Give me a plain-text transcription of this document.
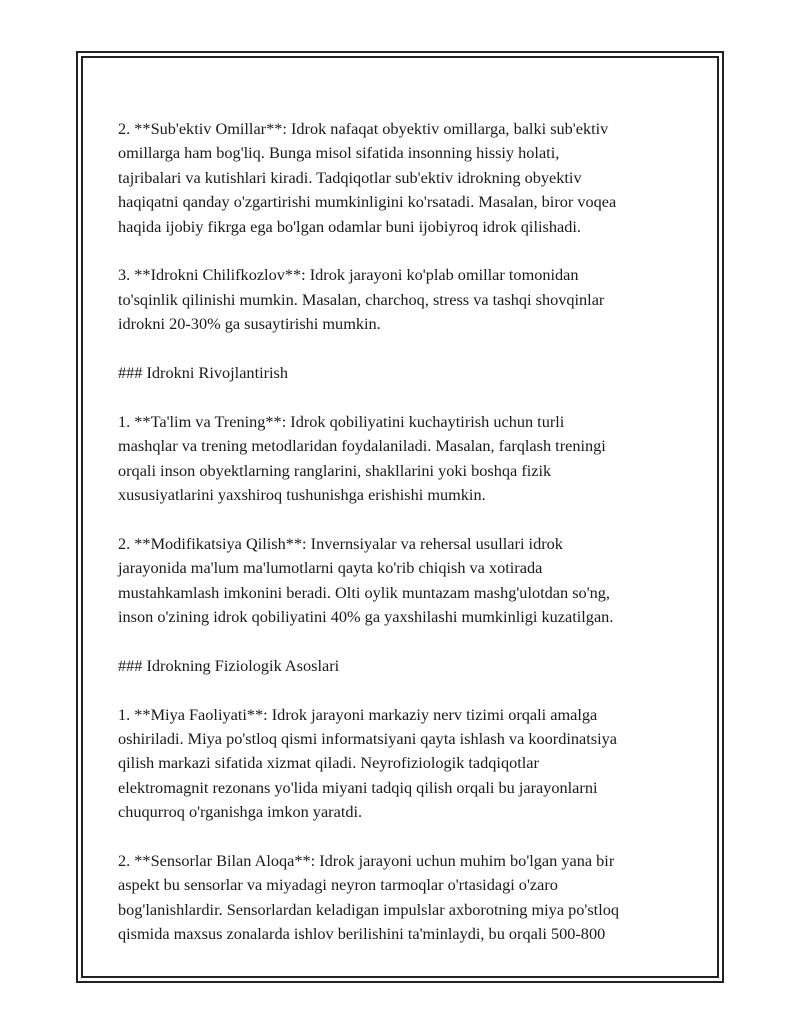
2. **Sub'ektiv Omillar**: Idrok nafaqat obyektiv omillarga, balki sub'ektiv
omillarga ham bog'liq. Bunga misol sifatida insonning hissiy holati,
tajribalari va kutishlari kiradi. Tadqiqotlar sub'ektiv idrokning obyektiv
haqiqatni qanday o'zgartirishi mumkinligini ko'rsatadi. Masalan, biror voqea
haqida ijobiy fikrga ega bo'lgan odamlar buni ijobiyroq idrok qilishadi.

3. **Idrokni Chilifkozlov**: Idrok jarayoni ko'plab omillar tomonidan
to'sqinlik qilinishi mumkin. Masalan, charchoq, stress va tashqi shovqinlar
idrokni 20-30% ga susaytirishi mumkin.

### Idrokni Rivojlantirish

1. **Ta'lim va Trening**: Idrok qobiliyatini kuchaytirish uchun turli
mashqlar va trening metodlaridan foydalaniladi. Masalan, farqlash treningi
orqali inson obyektlarning ranglarini, shakllarini yoki boshqa fizik
xususiyatlarini yaxshiroq tushunishga erishishi mumkin.

2. **Modifikatsiya Qilish**: Invernsiyalar va rehersal usullari idrok
jarayonida ma'lum ma'lumotlarni qayta ko'rib chiqish va xotirada
mustahkamlash imkonini beradi. Olti oylik muntazam mashg'ulotdan so'ng,
inson o'zining idrok qobiliyatini 40% ga yaxshilashi mumkinligi kuzatilgan.

### Idrokning Fiziologik Asoslari

1. **Miya Faoliyati**: Idrok jarayoni markaziy nerv tizimi orqali amalga
oshiriladi. Miya po'stloq qismi informatsiyani qayta ishlash va koordinatsiya
qilish markazi sifatida xizmat qiladi. Neyrofiziologik tadqiqotlar
elektromagnit rezonans yo'lida miyani tadqiq qilish orqali bu jarayonlarni
chuqurroq o'rganishga imkon yaratdi.

2. **Sensorlar Bilan Aloqa**: Idrok jarayoni uchun muhim bo'lgan yana bir
aspekt bu sensorlar va miyadagi neyron tarmoqlar o'rtasidagi o'zaro
bog'lanishlardir. Sensorlardan keladigan impulslar axborotning miya po'stloq
qismida maxsus zonalarda ishlov berilishini ta'minlaydi, bu orqali 500-800
